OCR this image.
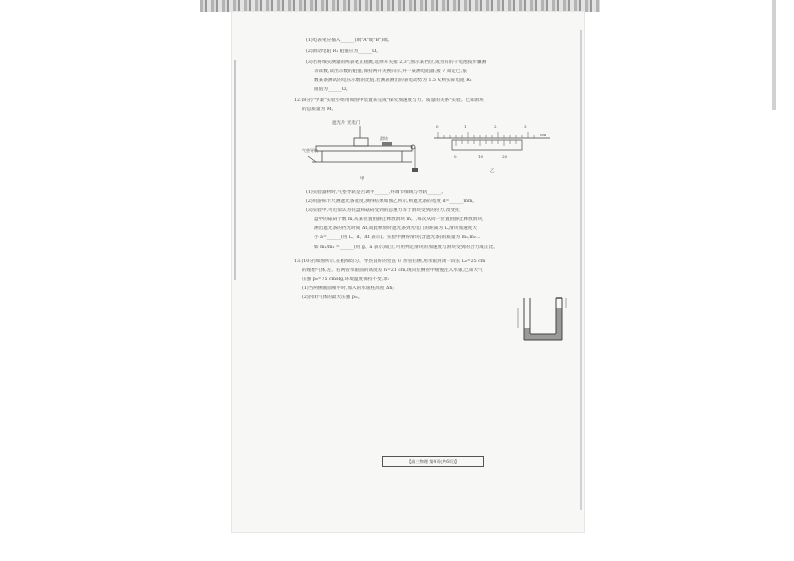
(1)电表笔应插入______(填"A"或"B")端。
(2)滑动电阻 R₁ 阻值应为______Ω。
(3)若将细实测量的两表笔正接跳,选择开关接 2,3",图示某挡位,成为有的干电池按步骤测
等读数,读出示数的阻值,保持两开关换向示,并一某测电阻器,接 7 知定已,依
数某条测试的电压示数的比值,若测表测出的表电动势为 1.5 V,则实际电阻 R₁
阻值为______Ω。
12.(8分)"学案"实验小组用如图甲装置来完成"探究加速度与力、质量的关系"实验。已知滑块
的总质量为 M。
遮光片 光电门
气垫导轨
滑块
甲
0	1	2	3
cm
0	10	20
乙
(1)实验器材时,气垫导轨是否调平______,并调节细线与导轨______。
(2)用游标卡尺测遮光条宽度,测得结果如图乙所示,则遮光条的宽度 d=______mm。
(3)实验中,可近似认为托盘和砝码受到的总重力等于滑块受到的拉力,改变托
盘中的砝码个数 m,从某位置由静止释放滑块 m。,每次从同一位置由静止释放滑块,
测出遮光条的挡光时间 Δt,而此释放时遮光条到光电门的距离为 L,滑块加速度大
小 a=______(用 L、d、Δt 表示)。实验中测得滑块(含遮光条)的质量为 m₁,m₂...
如 m₁/m₂ =______(用 g、a 表示)成立,可用判定滑块的加速度与滑块受到的合力成正比。
13.(10分)如图所示,在粗细均匀、导热良好的竖直 U 形管右侧,用水银封闭一段长 L₀=25 cm
的理想气体,左、右两管水银面的高度差 h=21 cm,现向左侧管中缓慢注入水银,已知大气
压强 p₀=75 cmHg,环境温度保持不变,求:
(1)当两侧液面相平时,加入的水银柱高度 Δh;
(2)封闭气体的最大压强 pₘ。
【高三物理 第4页(共6页)】
